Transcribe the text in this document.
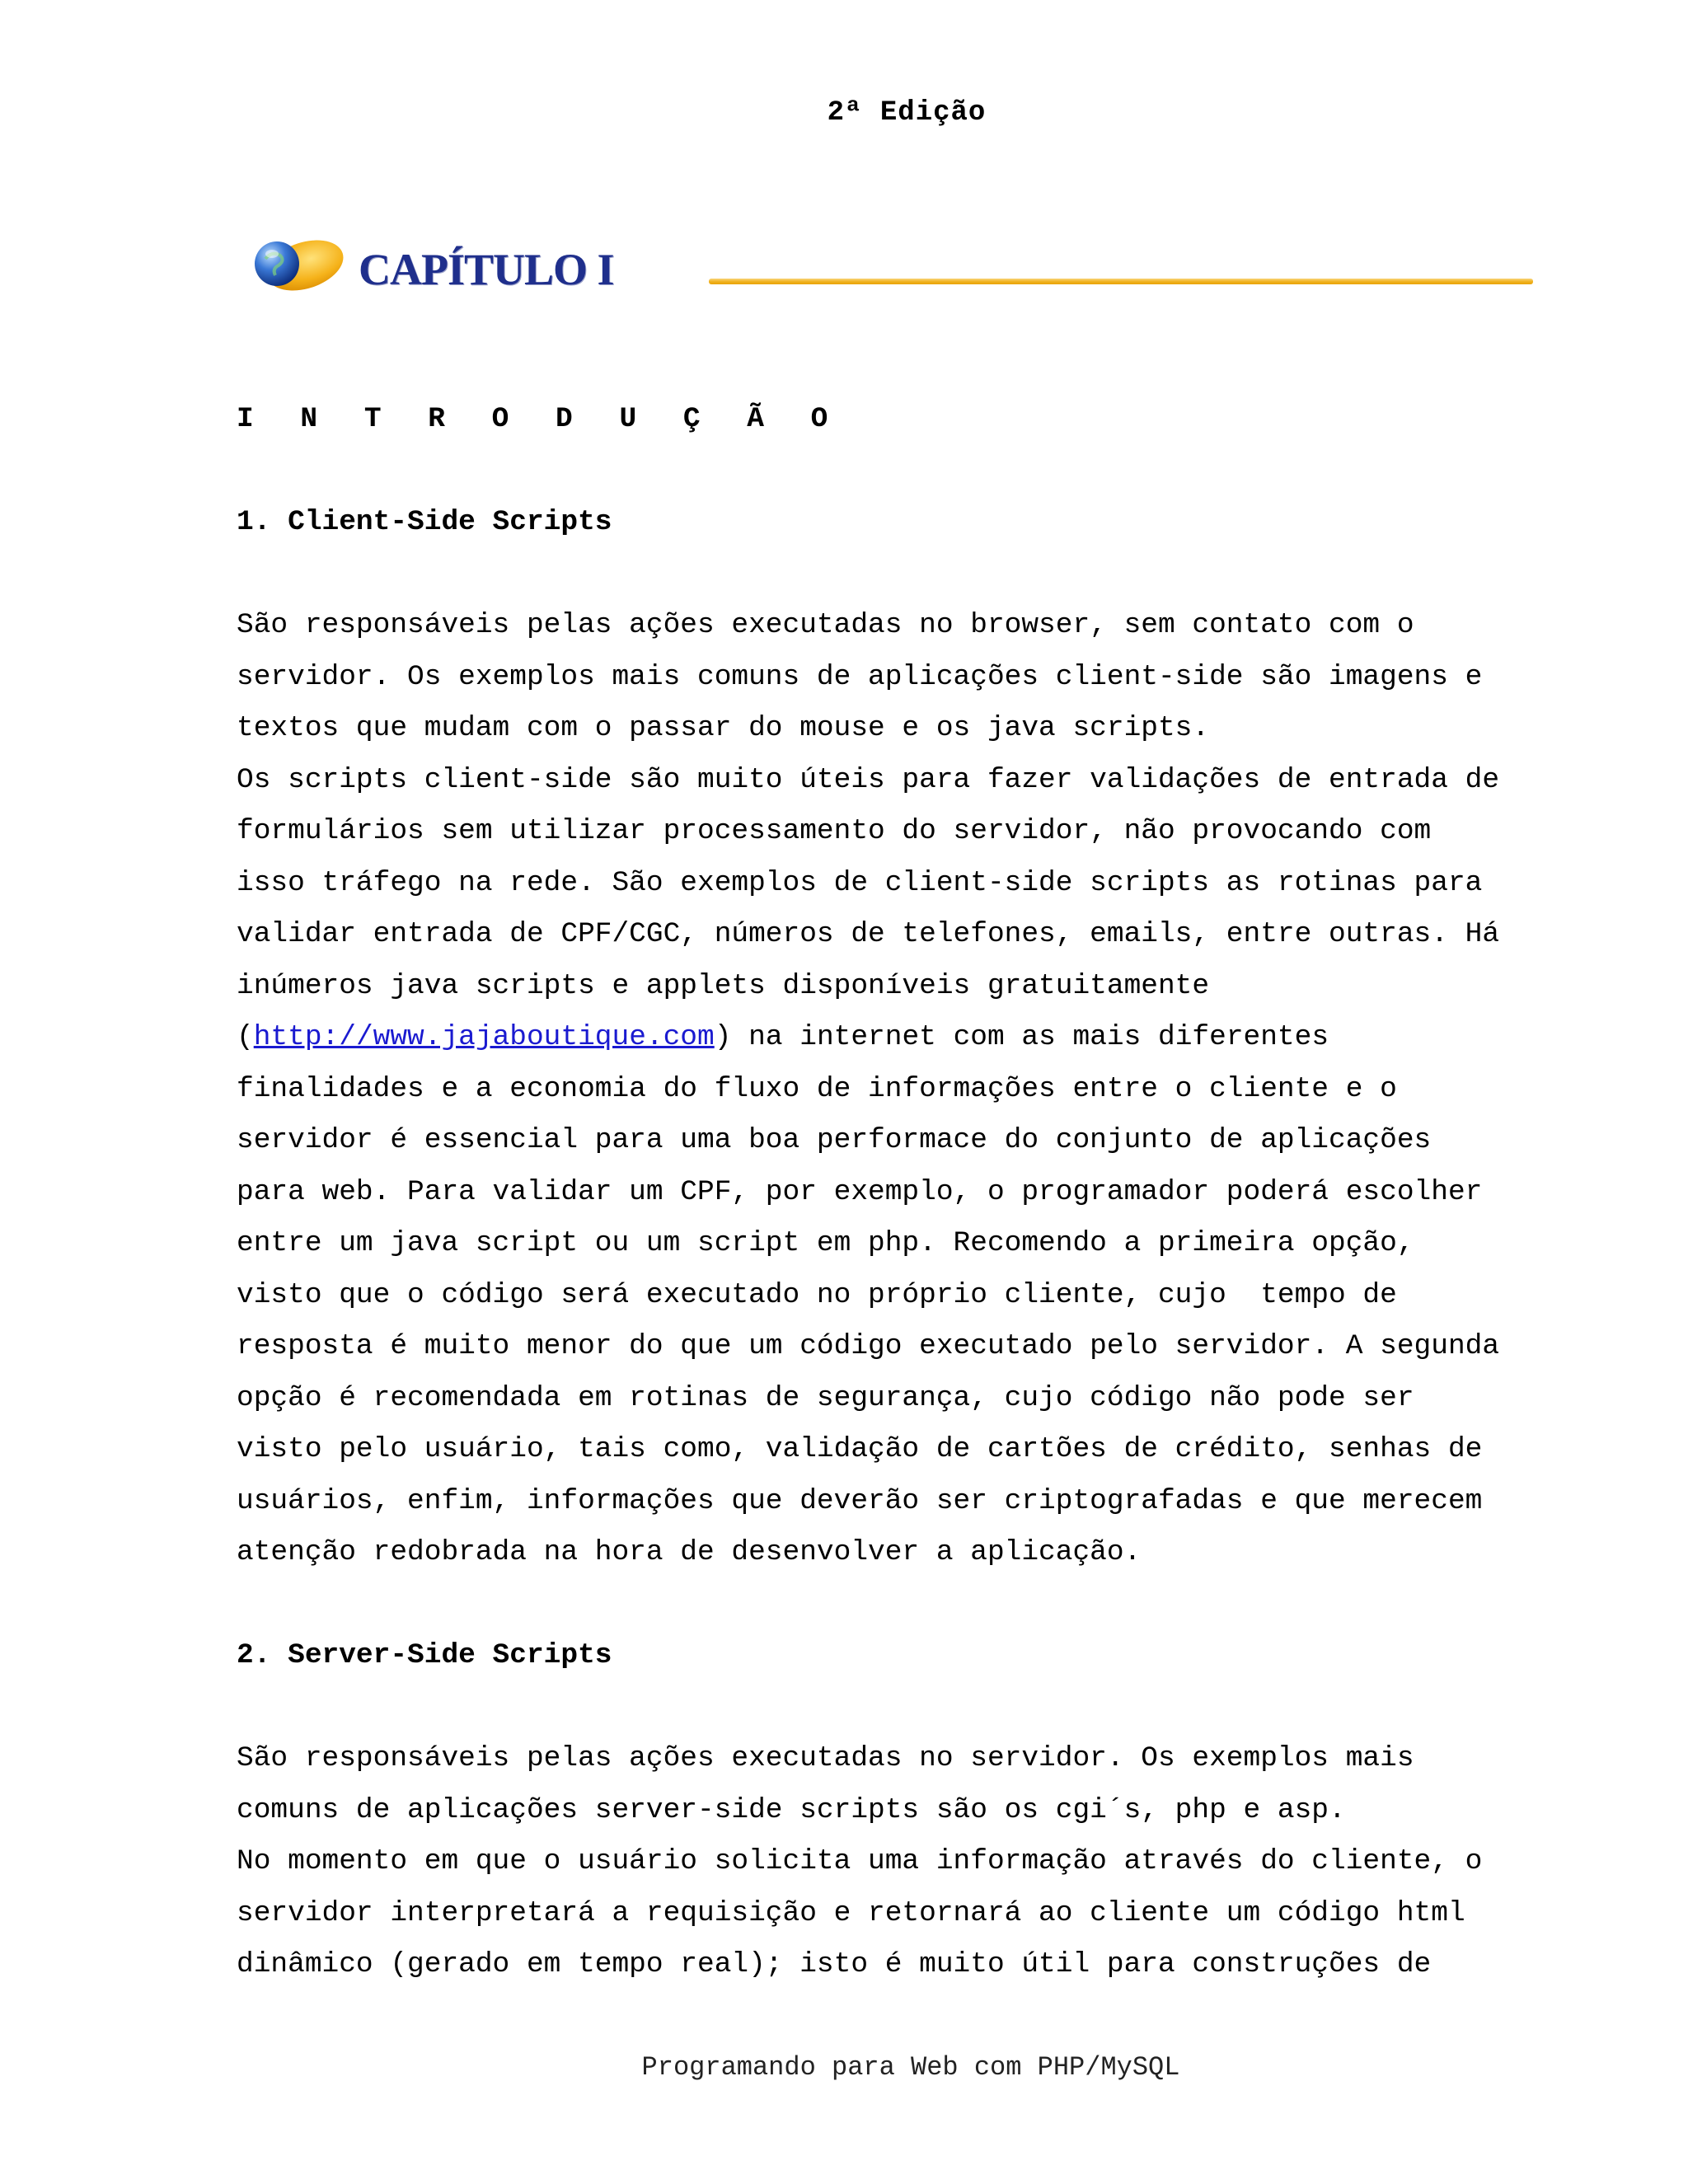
2ª Edição
CAPÍTULO I

I N T R O D U Ç Ã O

1. Client-Side Scripts

São responsáveis pelas ações executadas no browser, sem contato com o

servidor. Os exemplos mais comuns de aplicações client-side são imagens e

textos que mudam com o passar do mouse e os java scripts.

Os scripts client-side são muito úteis para fazer validações de entrada de

formulários sem utilizar processamento do servidor, não provocando com

isso tráfego na rede. São exemplos de client-side scripts as rotinas para

validar entrada de CPF/CGC, números de telefones, emails, entre outras. Há

inúmeros java scripts e applets disponíveis gratuitamente

(http://www.jajaboutique.com) na internet com as mais diferentes

finalidades e a economia do fluxo de informações entre o cliente e o

servidor é essencial para uma boa performace do conjunto de aplicações

para web. Para validar um CPF, por exemplo, o programador poderá escolher

entre um java script ou um script em php. Recomendo a primeira opção,

visto que o código será executado no próprio cliente, cujo  tempo de

resposta é muito menor do que um código executado pelo servidor. A segunda

opção é recomendada em rotinas de segurança, cujo código não pode ser

visto pelo usuário, tais como, validação de cartões de crédito, senhas de

usuários, enfim, informações que deverão ser criptografadas e que merecem

atenção redobrada na hora de desenvolver a aplicação.

2. Server-Side Scripts

São responsáveis pelas ações executadas no servidor. Os exemplos mais

comuns de aplicações server-side scripts são os cgi´s, php e asp.

No momento em que o usuário solicita uma informação através do cliente, o

servidor interpretará a requisição e retornará ao cliente um código html

dinâmico (gerado em tempo real); isto é muito útil para construções de

Programando para Web com PHP/MySQL
